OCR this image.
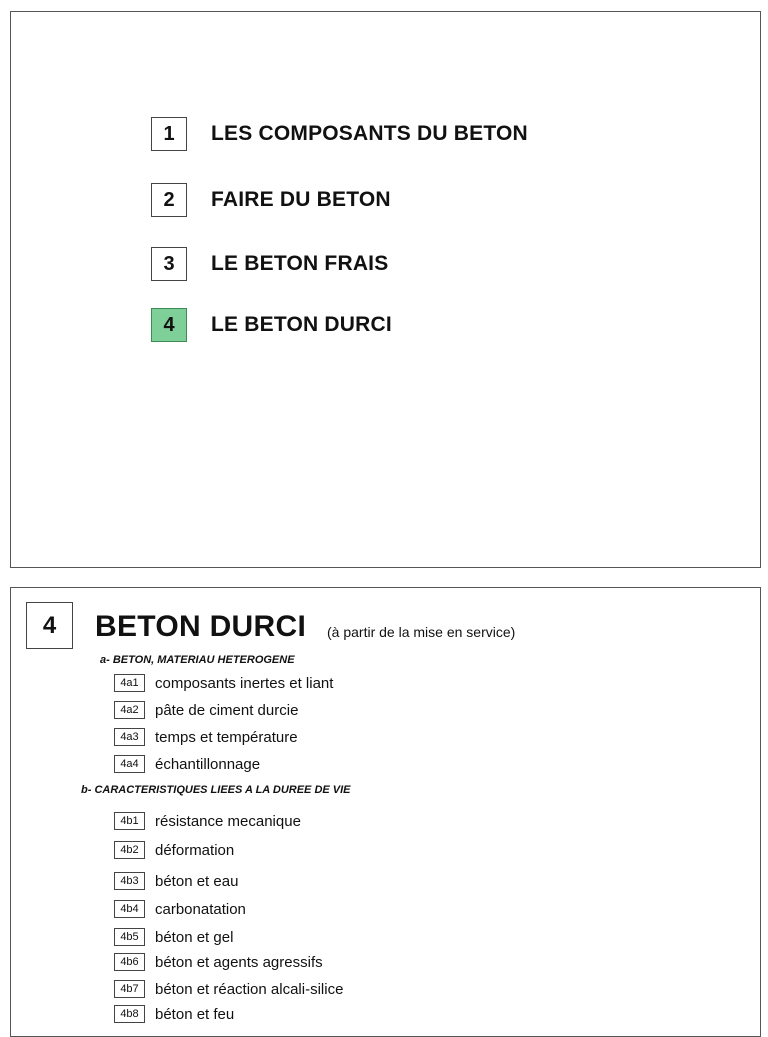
1	LES COMPOSANTS DU BETON
2	FAIRE DU BETON
3	LE BETON FRAIS
4	LE BETON DURCI
4	BETON DURCI (à partir de la mise en service)
a- BETON, MATERIAU HETEROGENE
4a1	composants inertes et liant
4a2	pâte de ciment durcie
4a3	temps et température
4a4	échantillonnage
b- CARACTERISTIQUES LIEES A LA DUREE DE VIE
4b1	résistance mecanique
4b2	déformation
4b3	béton et eau
4b4	carbonatation
4b5	béton et gel
4b6	béton et agents agressifs
4b7	béton et réaction alcali-silice
4b8	béton et feu
